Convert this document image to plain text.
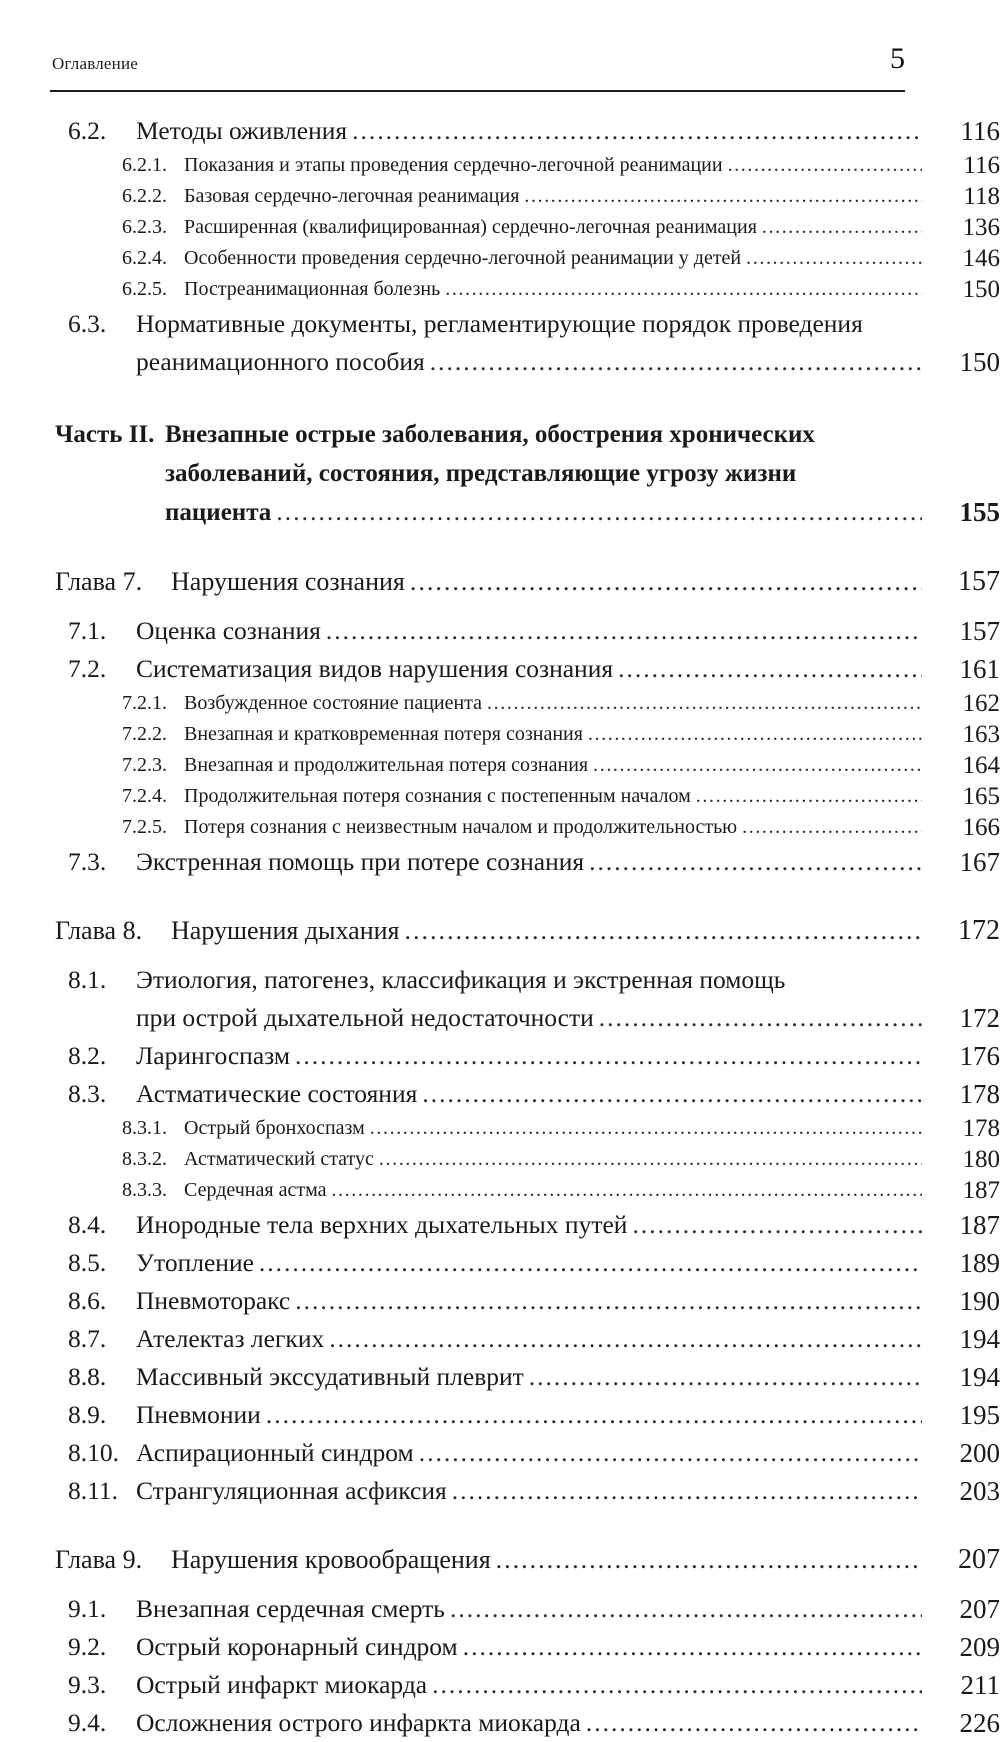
Оглавление	5
6.2.	Методы оживления .....	116
6.2.1. Показания и этапы проведения сердечно-легочной реанимации .....	116
6.2.2. Базовая сердечно-легочная реанимация .....	118
6.2.3. Расширенная (квалифицированная) сердечно-легочная реанимация .....	136
6.2.4. Особенности проведения сердечно-легочной реанимации у детей .....	146
6.2.5. Постреанимационная болезнь .....	150
6.3.	Нормативные документы, регламентирующие порядок проведения
реанимационного пособия .....	150
Часть II. Внезапные острые заболевания, обострения хронических
заболеваний, состояния, представляющие угрозу жизни
пациента .....	155
Глава 7.	Нарушения сознания .....	157
7.1.	Оценка сознания .....	157
7.2.	Систематизация видов нарушения сознания .....	161
7.2.1. Возбужденное состояние пациента .....	162
7.2.2. Внезапная и кратковременная потеря сознания .....	163
7.2.3. Внезапная и продолжительная потеря сознания .....	164
7.2.4. Продолжительная потеря сознания с постепенным началом .....	165
7.2.5. Потеря сознания с неизвестным началом и продолжительностью .....	166
7.3.	Экстренная помощь при потере сознания .....	167
Глава 8.	Нарушения дыхания .....	172
8.1.	Этиология, патогенез, классификация и экстренная помощь
при острой дыхательной недостаточности .....	172
8.2.	Ларингоспазм .....	176
8.3.	Астматические состояния .....	178
8.3.1. Острый бронхоспазм .....	178
8.3.2. Астматический статус .....	180
8.3.3. Сердечная астма .....	187
8.4.	Инородные тела верхних дыхательных путей .....	187
8.5.	Утопление .....	189
8.6.	Пневмоторакс .....	190
8.7.	Ателектаз легких .....	194
8.8.	Массивный экссудативный плеврит .....	194
8.9.	Пневмонии .....	195
8.10. Аспирационный синдром .....	200
8.11. Странгуляционная асфиксия .....	203
Глава 9.	Нарушения кровообращения .....	207
9.1.	Внезапная сердечная смерть .....	207
9.2.	Острый коронарный синдром .....	209
9.3.	Острый инфаркт миокарда .....	211
9.4.	Осложнения острого инфаркта миокарда .....	226
